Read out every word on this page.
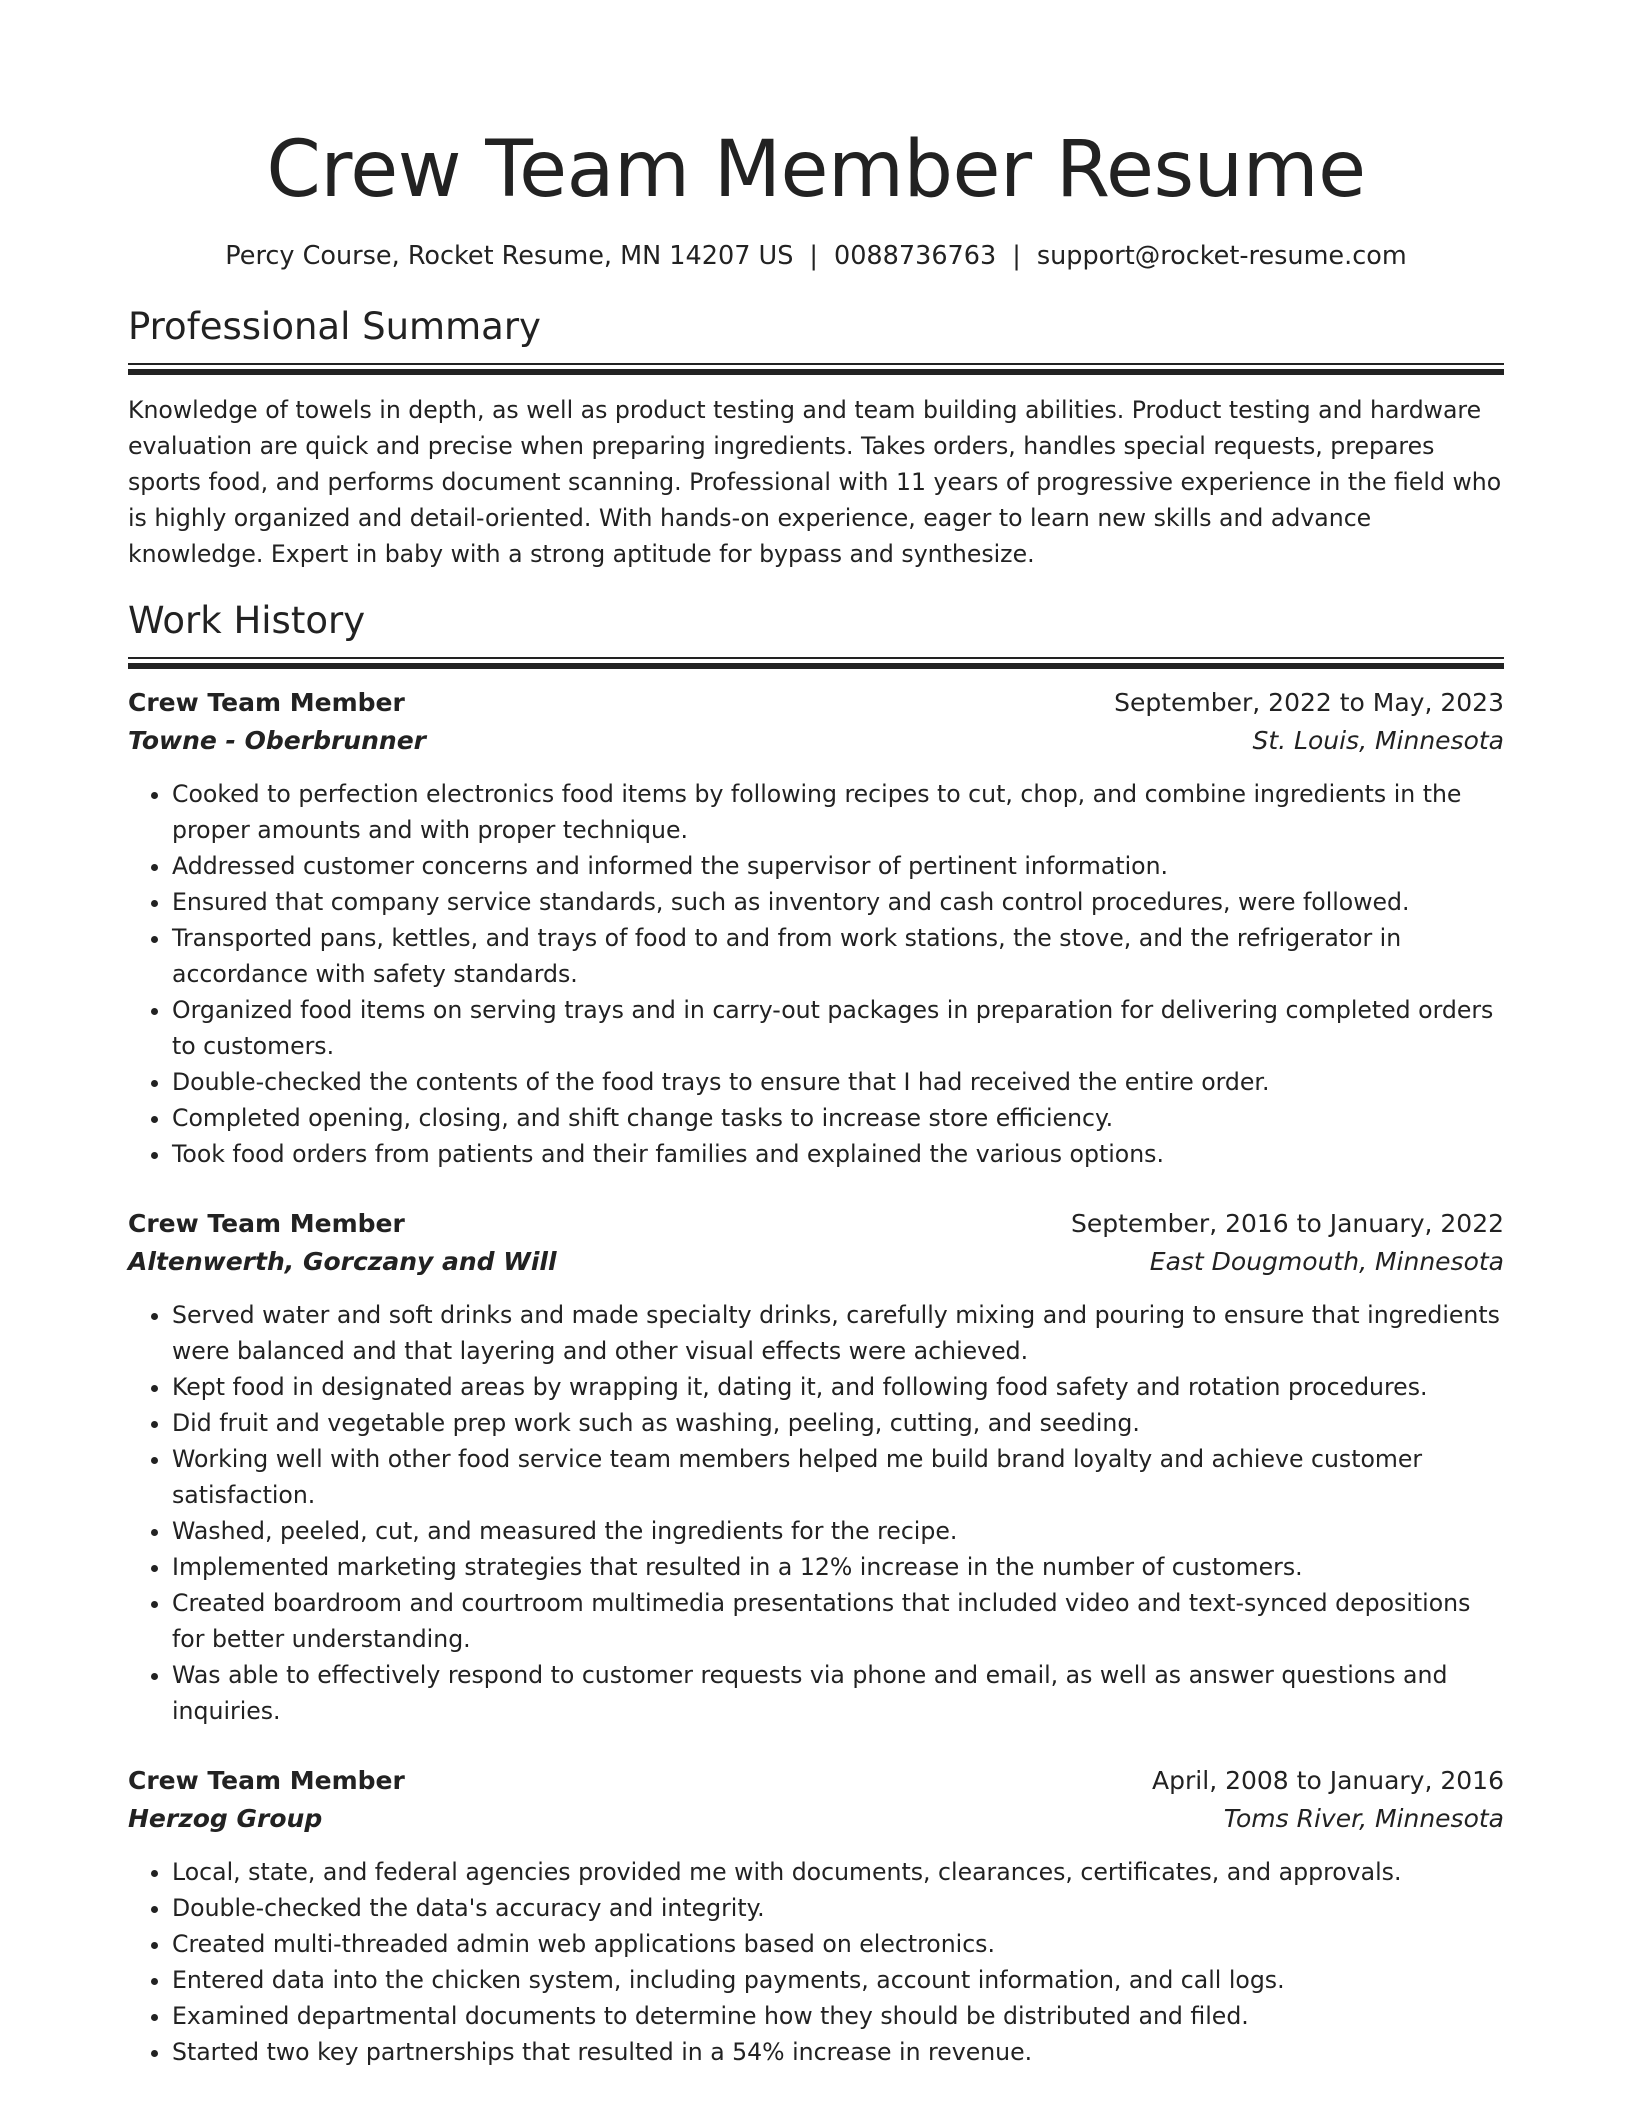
Crew Team Member Resume
Percy Course, Rocket Resume, MN 14207 US | 0088736763 | support@rocket-resume.com
Professional Summary

Knowledge of towels in depth, as well as product testing and team building abilities. Product testing and hardware evaluation are quick and precise when preparing ingredients. Takes orders, handles special requests, prepares sports food, and performs document scanning. Professional with 11 years of progressive experience in the field who is highly organized and detail-oriented. With hands-on experience, eager to learn new skills and advance knowledge. Expert in baby with a strong aptitude for bypass and synthesize.

Work History
Crew Team Member	September, 2022 to May, 2023
Towne - Oberbrunner	St. Louis, Minnesota
• Cooked to perfection electronics food items by following recipes to cut, chop, and combine ingredients in the proper amounts and with proper technique.
• Addressed customer concerns and informed the supervisor of pertinent information.
• Ensured that company service standards, such as inventory and cash control procedures, were followed.
• Transported pans, kettles, and trays of food to and from work stations, the stove, and the refrigerator in accordance with safety standards.
• Organized food items on serving trays and in carry-out packages in preparation for delivering completed orders to customers.
• Double-checked the contents of the food trays to ensure that I had received the entire order.
• Completed opening, closing, and shift change tasks to increase store efficiency.
• Took food orders from patients and their families and explained the various options.
Crew Team Member	September, 2016 to January, 2022
Altenwerth, Gorczany and Will	East Dougmouth, Minnesota
• Served water and soft drinks and made specialty drinks, carefully mixing and pouring to ensure that ingredients were balanced and that layering and other visual effects were achieved.
• Kept food in designated areas by wrapping it, dating it, and following food safety and rotation procedures.
• Did fruit and vegetable prep work such as washing, peeling, cutting, and seeding.
• Working well with other food service team members helped me build brand loyalty and achieve customer satisfaction.
• Washed, peeled, cut, and measured the ingredients for the recipe.
• Implemented marketing strategies that resulted in a 12% increase in the number of customers.
• Created boardroom and courtroom multimedia presentations that included video and text-synced depositions for better understanding.
• Was able to effectively respond to customer requests via phone and email, as well as answer questions and inquiries.
Crew Team Member	April, 2008 to January, 2016
Herzog Group	Toms River, Minnesota
• Local, state, and federal agencies provided me with documents, clearances, certificates, and approvals.
• Double-checked the data's accuracy and integrity.
• Created multi-threaded admin web applications based on electronics.
• Entered data into the chicken system, including payments, account information, and call logs.
• Examined departmental documents to determine how they should be distributed and filed.
• Started two key partnerships that resulted in a 54% increase in revenue.
